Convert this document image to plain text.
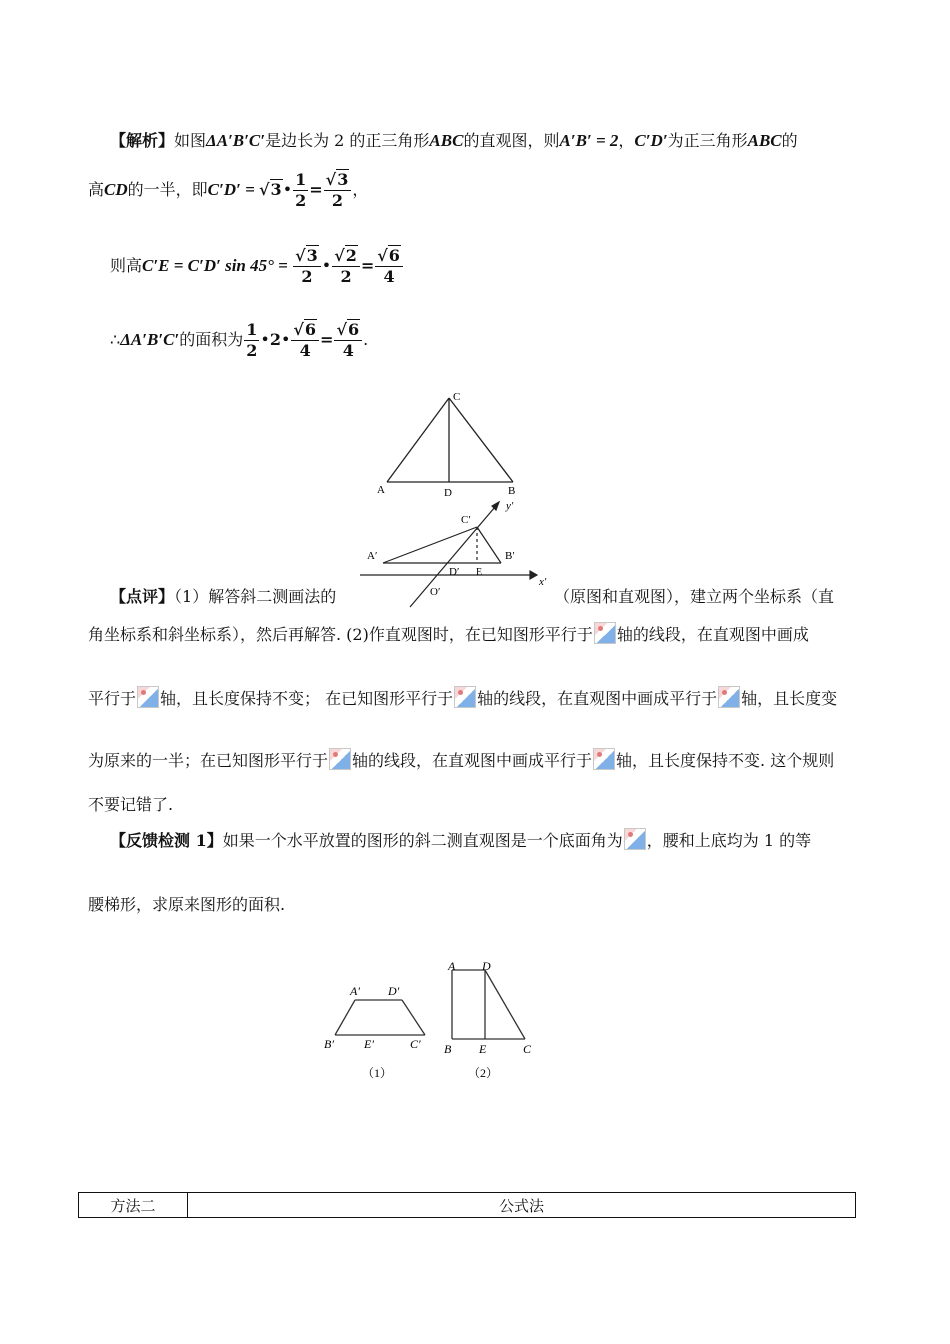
【解析】如图ΔA′B′C′是边长为 2 的正三角形ABC的直观图，则A′B′ = 2，C′D′为正三角形ABC的
高CD的一半，即C′D′ = √3• $\frac{1}{2} = \frac{√3}{2}$ ，
则高C′E = C′D′ $\sin 45^\circ = \frac{√3}{2}$ • $\frac{√2}{2} = \frac{√6}{4}$
∴ΔA′B′C′的面积为 $\frac{1}{2}$ •2• $\frac{√6}{4} = \frac{√6}{4}$ .
C
A	D	B
C′
y′
A′	B′
D′ E
O′
x′
【点评】（1）解答斜二测画法的	（原图和直观图），建立两个坐标系（直
角坐标系和斜坐标系），然后再解答. (2)作直观图时，在已知图形平行于 轴的线段，在直观图中画成
平行于 轴，且长度保持不变； 在已知图形平行于 轴的线段，在直观图中画成平行于 轴，且长度变
为原来的一半；在已知图形平行于 轴的线段，在直观图中画成平行于 轴，且长度保持不变. 这个规则
不要记错了.
【反馈检测 1】如果一个水平放置的图形的斜二测直观图是一个底面角为 ，腰和上底均为 1 的等
腰梯形，求原来图形的面积.
A′ D′
B′	E′	C′
（1）
A D
B E	C
（2）
方法二	公式法
